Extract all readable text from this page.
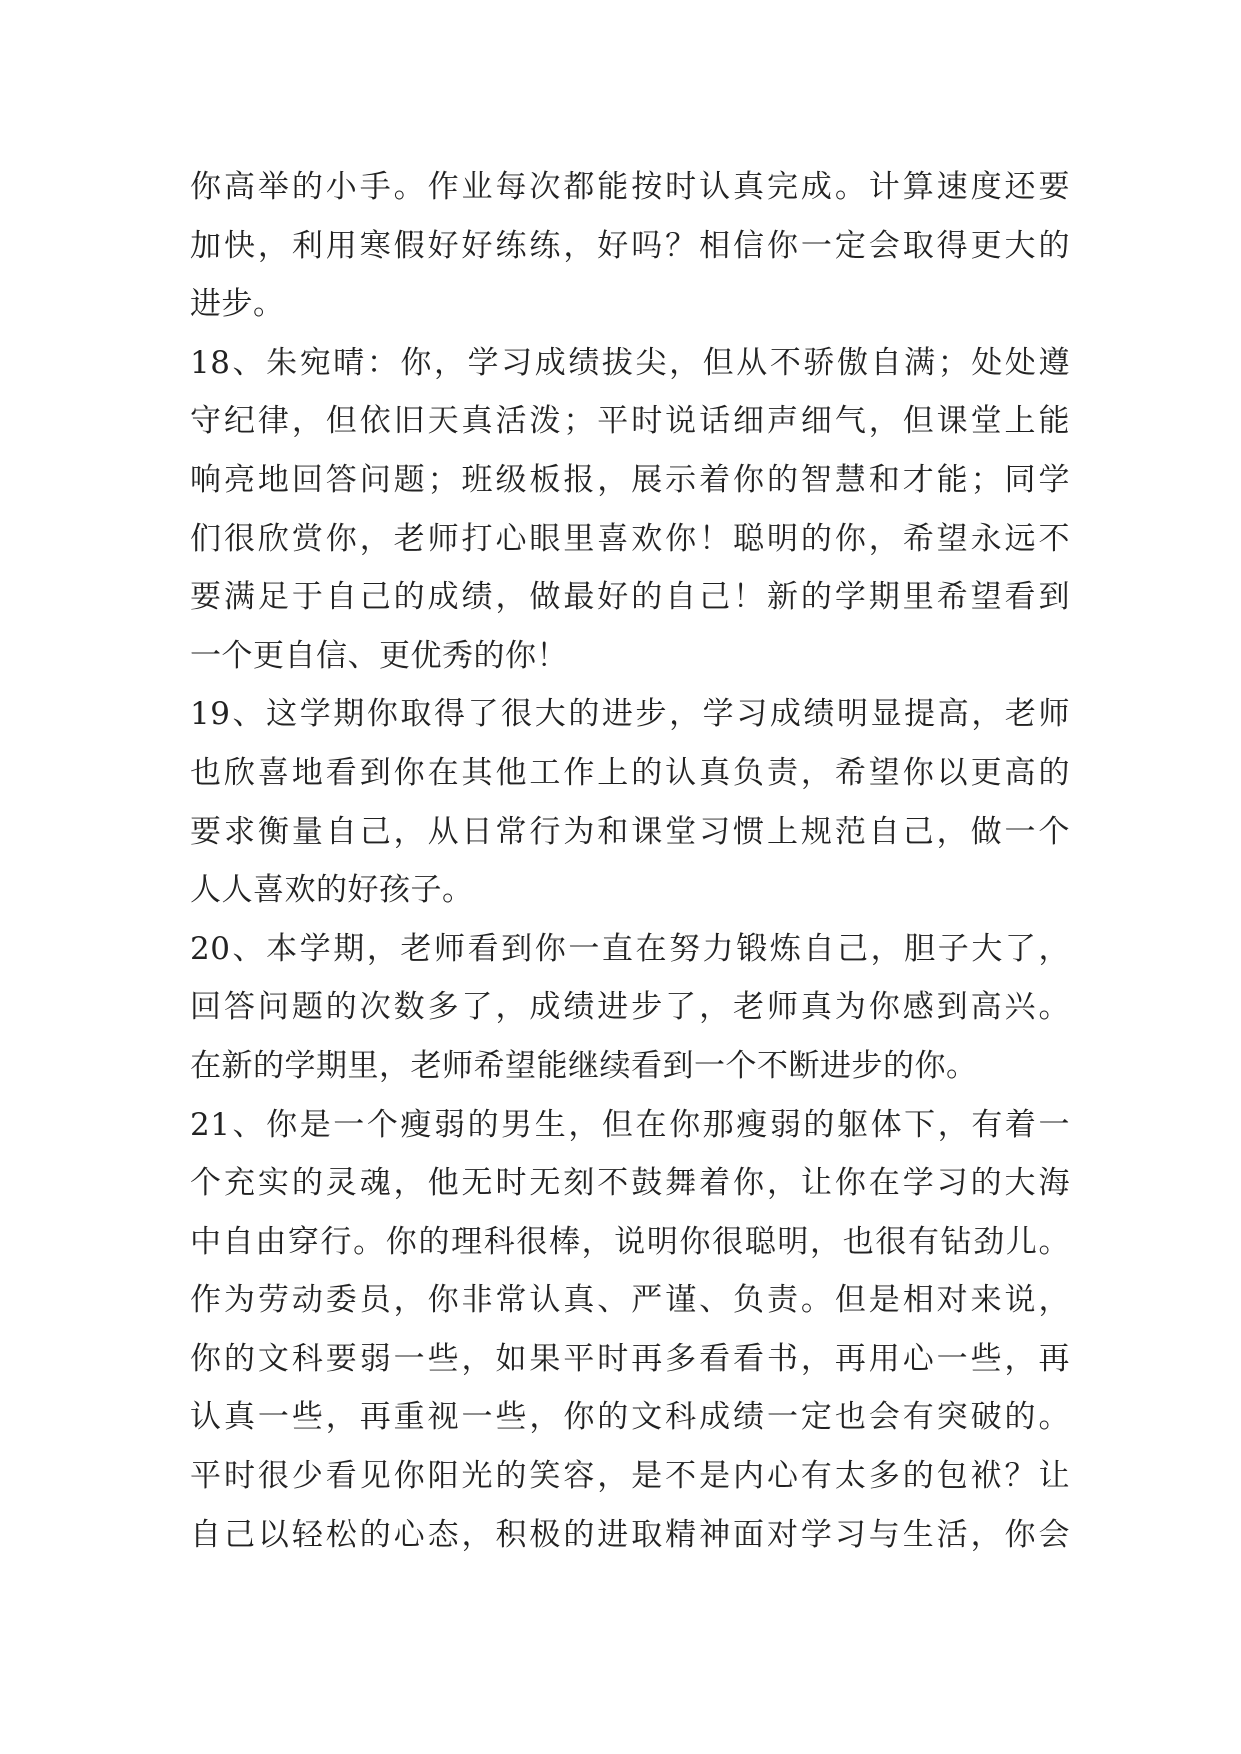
你高举的小手。作业每次都能按时认真完成。计算速度还要
加快，利用寒假好好练练，好吗？相信你一定会取得更大的
进步。
18、朱宛晴：你，学习成绩拔尖，但从不骄傲自满；处处遵
守纪律，但依旧天真活泼；平时说话细声细气，但课堂上能
响亮地回答问题；班级板报，展示着你的智慧和才能；同学
们很欣赏你，老师打心眼里喜欢你！聪明的你，希望永远不
要满足于自己的成绩，做最好的自己！新的学期里希望看到
一个更自信、更优秀的你！
19、这学期你取得了很大的进步，学习成绩明显提高，老师
也欣喜地看到你在其他工作上的认真负责，希望你以更高的
要求衡量自己，从日常行为和课堂习惯上规范自己，做一个
人人喜欢的好孩子。
20、本学期，老师看到你一直在努力锻炼自己，胆子大了，
回答问题的次数多了，成绩进步了，老师真为你感到高兴。
在新的学期里，老师希望能继续看到一个不断进步的你。
21、你是一个瘦弱的男生，但在你那瘦弱的躯体下，有着一
个充实的灵魂，他无时无刻不鼓舞着你，让你在学习的大海
中自由穿行。你的理科很棒，说明你很聪明，也很有钻劲儿。
作为劳动委员，你非常认真、严谨、负责。但是相对来说，
你的文科要弱一些，如果平时再多看看书，再用心一些，再
认真一些，再重视一些，你的文科成绩一定也会有突破的。
平时很少看见你阳光的笑容，是不是内心有太多的包袱？让
自己以轻松的心态，积极的进取精神面对学习与生活，你会
